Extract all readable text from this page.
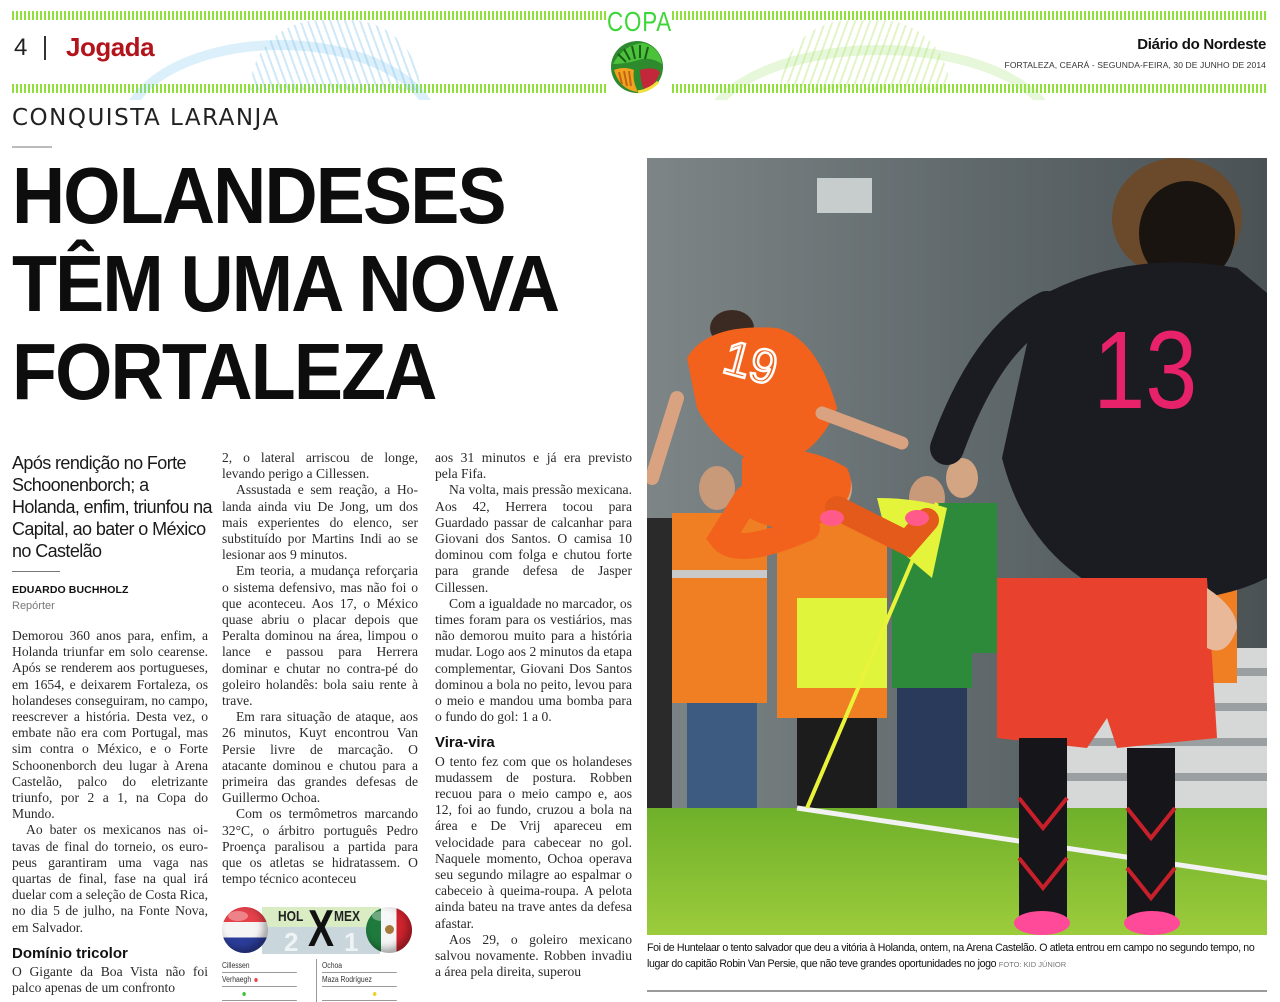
4 Jogada
COPA
Diário do Nordeste
FORTALEZA, CEARÁ - SEGUNDA-FEIRA, 30 DE JUNHO DE 2014
CONQUISTA LARANJA
HOLANDESES
TÊM UMA NOVA
FORTALEZA
Após rendição no Forte Schoonenborch; a Holanda, enfim, triunfou na Capital, ao bater o México no Castelão
EDUARDO BUCHHOLZ
Repórter

Demorou 360 anos para, enfim, a Holanda triunfar em solo cearense. Após se renderem aos portugueses, em 1654, e deixarem Fortaleza, os holandeses conseguiram, no campo, reescrever a história. Desta vez, o embate não era com Portugal, mas sim contra o México, e o Forte Schoonenborch deu lugar à Arena Castelão, palco do eletrizante triunfo, por 2 a 1, na Copa do Mundo.

Ao bater os mexicanos nas oitavas de final do torneio, os europeus garantiram uma vaga nas quartas de final, fase na qual irá duelar com a seleção de Costa Rica, no dia 5 de julho, na Fonte Nova, em Salvador.

Domínio tricolor

O Gigante da Boa Vista não foi palco apenas de um confronto

2, o lateral arriscou de longe, levando perigo a Cillessen.

Assustada e sem reação, a Holanda ainda viu De Jong, um dos mais experientes do elenco, ser substituído por Martins Indi ao se lesionar aos 9 minutos.

Em teoria, a mudança reforçaria o sistema defensivo, mas não foi o que aconteceu. Aos 17, o México quase abriu o placar depois que Peralta dominou na área, limpou o lance e passou para Herrera dominar e chutar no contra-pé do goleiro holandês: bola saiu rente à trave.

Em rara situação de ataque, aos 26 minutos, Kuyt encontrou Van Persie livre de marcação. O atacante dominou e chutou para a primeira das grandes defesas de Guillermo Ochoa.

Com os termômetros marcando 32°C, o árbitro português Pedro Proença paralisou a partida para que os atletas se hidratassem. O tempo técnico aconteceu

HOL MEX
2 1
X
Cillessen
Verhaegh
Ochoa
Maza Rodríguez

aos 31 minutos e já era previsto pela Fifa.

Na volta, mais pressão mexicana. Aos 42, Herrera tocou para Guardado passar de calcanhar para Giovani dos Santos. O camisa 10 dominou com folga e chutou forte para grande defesa de Jasper Cillessen.

Com a igualdade no marcador, os times foram para os vestiários, mas não demorou muito para a história mudar. Logo aos 2 minutos da etapa complementar, Giovani Dos Santos dominou a bola no peito, levou para o meio e mandou uma bomba para o fundo do gol: 1 a 0.

Vira-vira

O tento fez com que os holandeses mudassem de postura. Robben recuou para o meio campo e, aos 12, foi ao fundo, cruzou a bola na área e De Vrij apareceu em velocidade para cabecear no gol. Naquele momento, Ochoa operava seu segundo milagre ao espalmar o cabeceio à queima-roupa. A pelota ainda bateu na trave antes da defesa afastar.

Aos 29, o goleiro mexicano salvou novamente. Robben invadiu a área pela direita, superou

19	13
Foi de Huntelaar o tento salvador que deu a vitória à Holanda, ontem, na Arena Castelão. O atleta entrou em campo no segundo tempo, no lugar do capitão Robin Van Persie, que não teve grandes oportunidades no jogo FOTO: KID JÚNIOR
